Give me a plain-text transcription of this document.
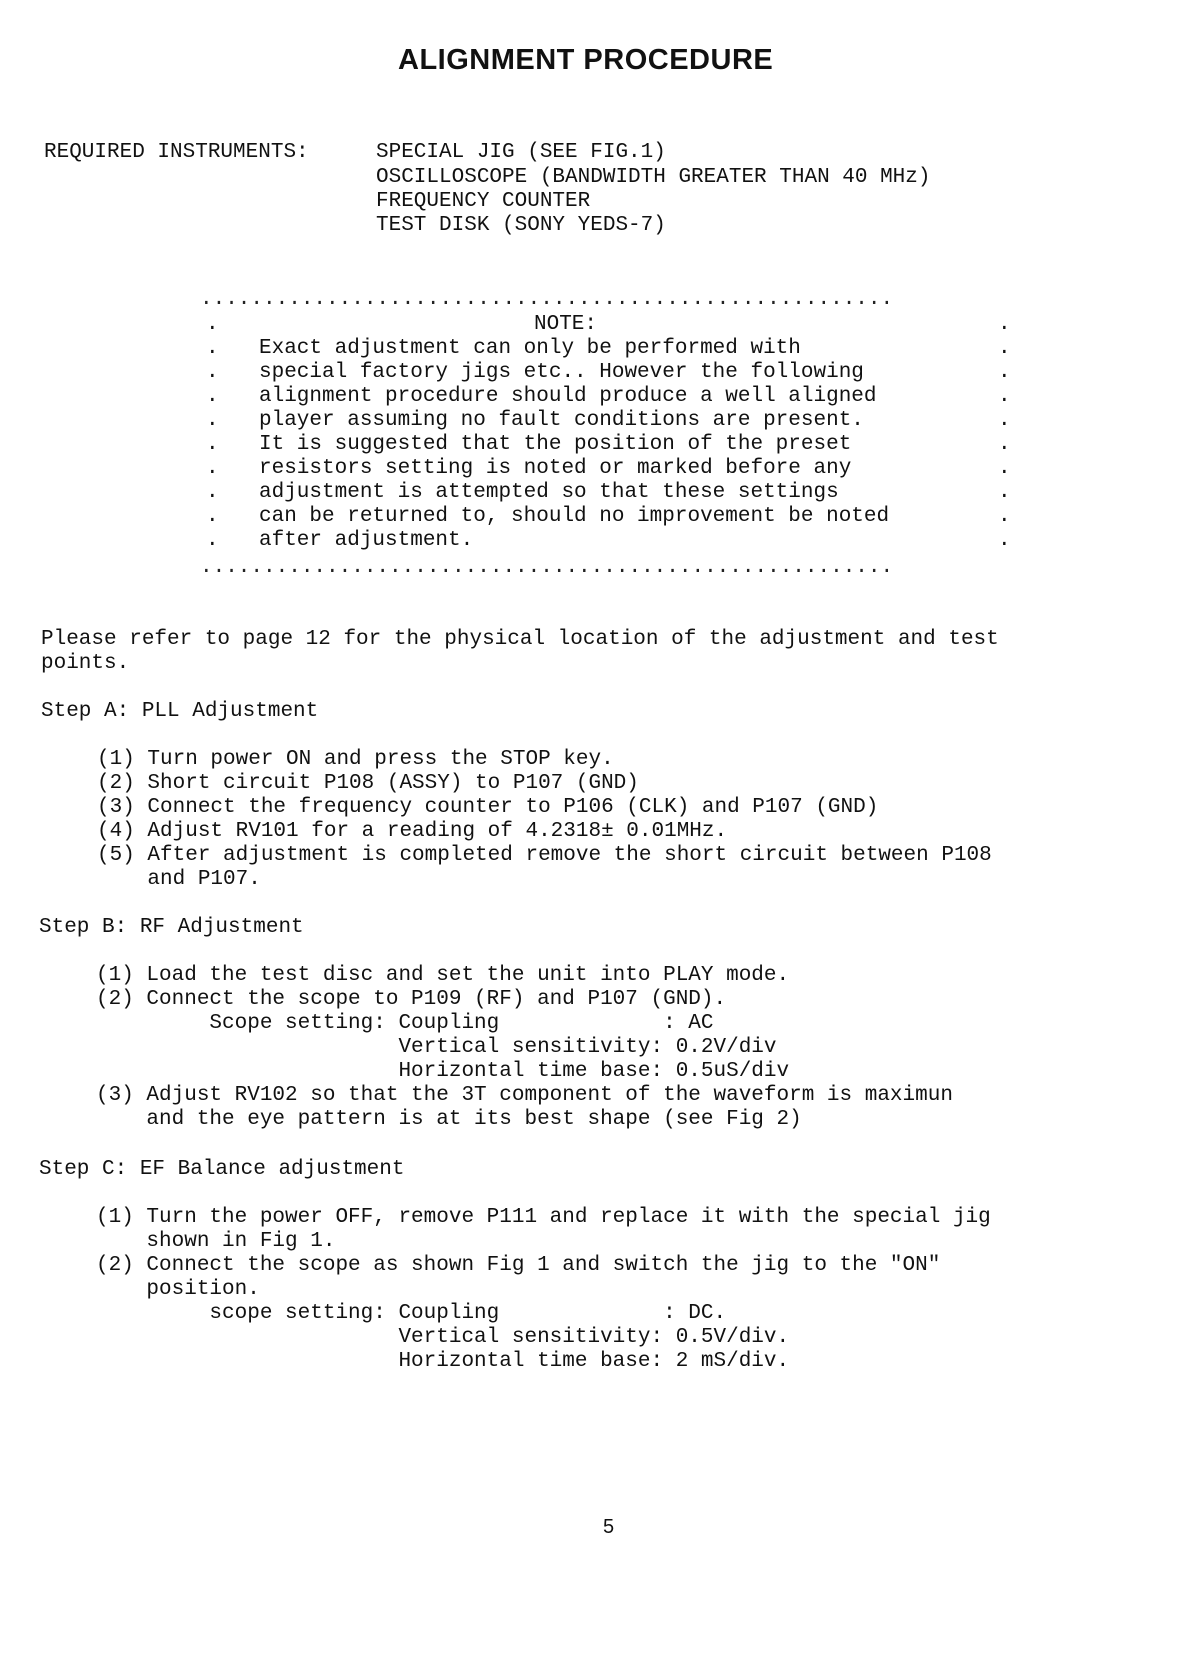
ALIGNMENT PROCEDURE
REQUIRED INSTRUMENTS:	SPECIAL JIG (SEE FIG.1)
OSCILLOSCOPE (BANDWIDTH GREATER THAN 40 MHz)
FREQUENCY COUNTER
TEST DISK (SONY YEDS-7)
.......................................................
.......................................................
.
.
.
.
.
.
.
.
.
.
.
.
.
.
.
.
.
.
.
.
NOTE:
Exact adjustment can only be performed with
special factory jigs etc.. However the following
alignment procedure should produce a well aligned
player assuming no fault conditions are present.
It is suggested that the position of the preset
resistors setting is noted or marked before any
adjustment is attempted so that these settings
can be returned to, should no improvement be noted
after adjustment.
Please refer to page 12 for the physical location of the adjustment and test
points.
Step A: PLL Adjustment
(1) Turn power ON and press the STOP key.
(2) Short circuit P108 (ASSY) to P107 (GND)
(3) Connect the frequency counter to P106 (CLK) and P107 (GND)
(4) Adjust RV101 for a reading of 4.2318± 0.01MHz.
(5) After adjustment is completed remove the short circuit between P108
and P107.
Step B: RF Adjustment
(1) Load the test disc and set the unit into PLAY mode.
(2) Connect the scope to P109 (RF) and P107 (GND).
Scope setting: Coupling             : AC
Vertical sensitivity: 0.2V/div
Horizontal time base: 0.5uS/div
(3) Adjust RV102 so that the 3T component of the waveform is maximun
and the eye pattern is at its best shape (see Fig 2)
Step C: EF Balance adjustment
(1) Turn the power OFF, remove P111 and replace it with the special jig
shown in Fig 1.
(2) Connect the scope as shown Fig 1 and switch the jig to the "ON"
position.
scope setting: Coupling             : DC.
Vertical sensitivity: 0.5V/div.
Horizontal time base: 2 mS/div.
5
